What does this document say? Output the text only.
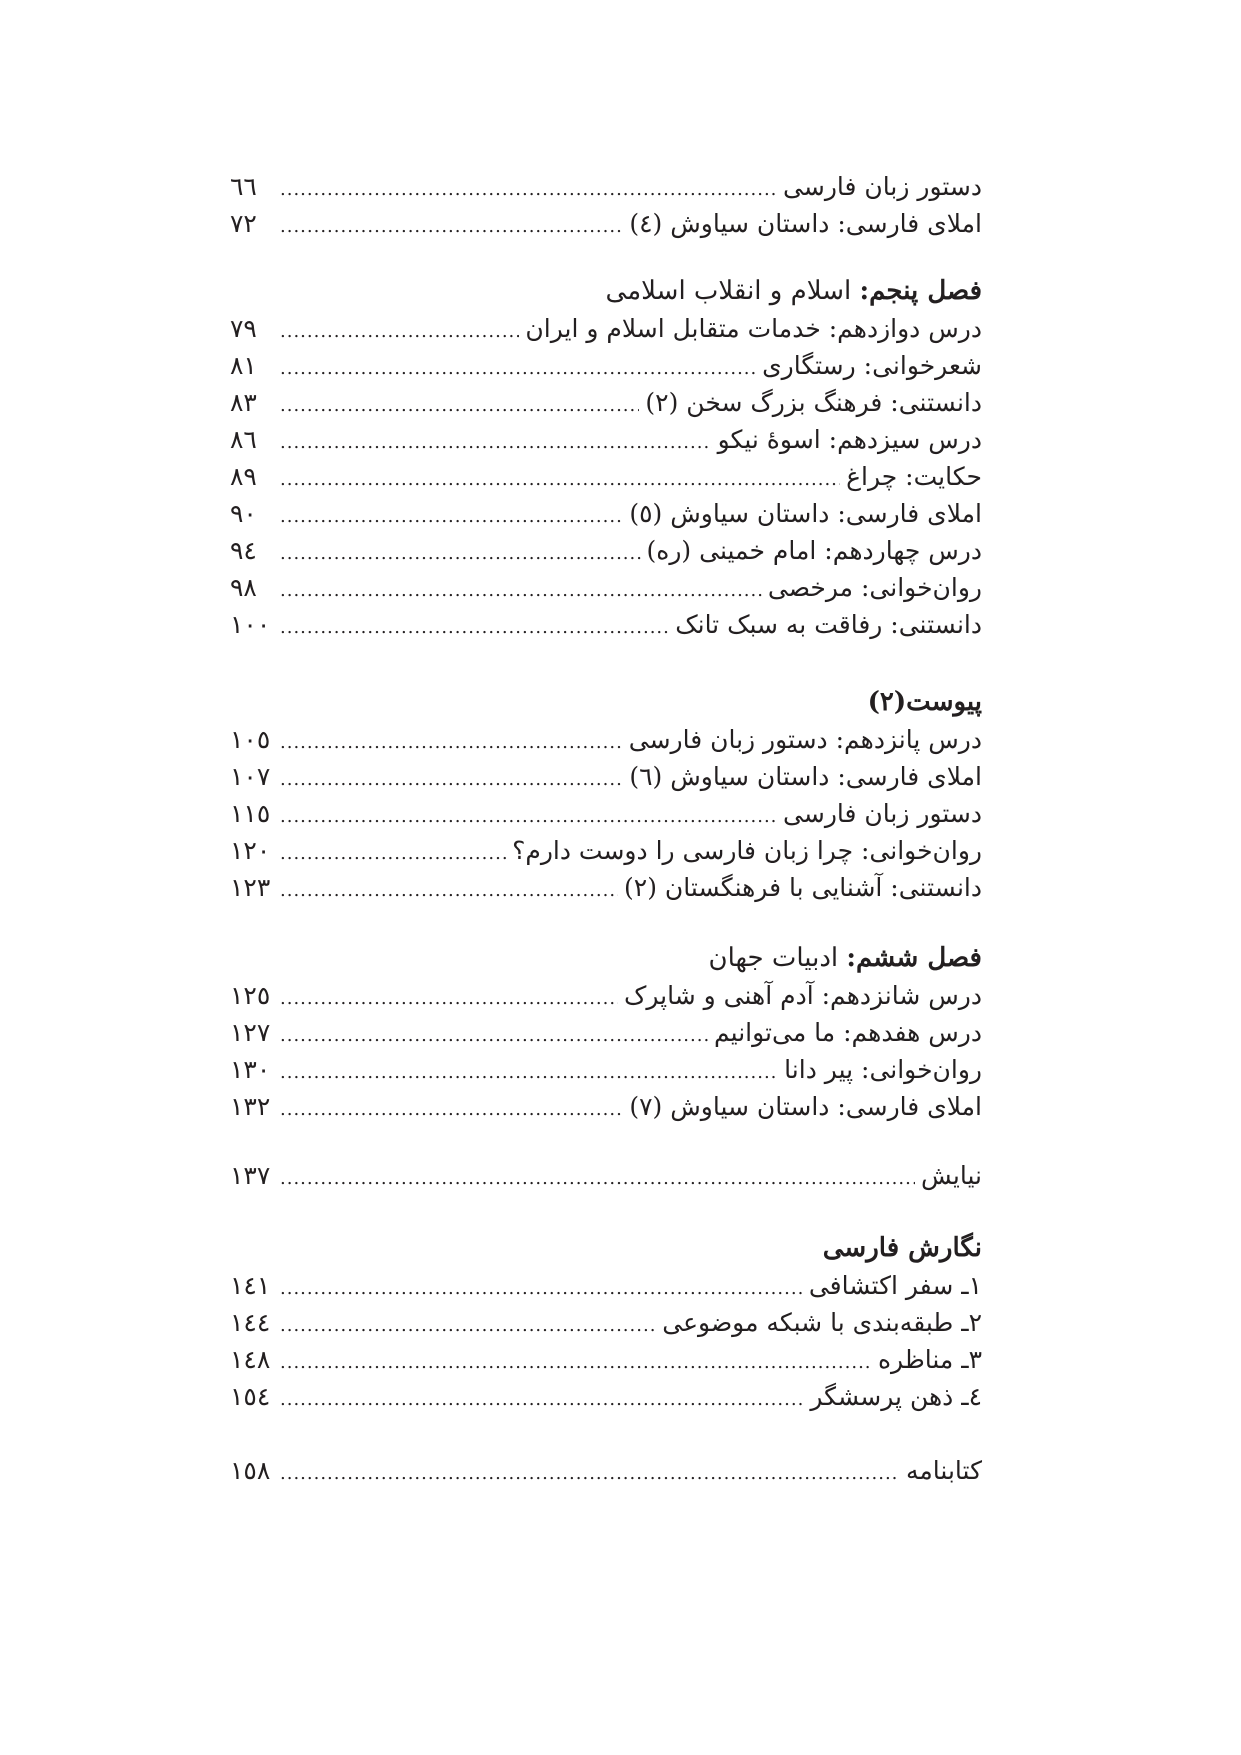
دستور زبان فارسی
.....
٦٦
املای فارسی: داستان سیاوش (٤)
.....
٧٢
فصل پنجم: اسلام و انقلاب اسلامی
درس دوازدهم: خدمات متقابل اسلام و ایران
.....
٧٩
شعرخوانی: رستگاری
.....
٨١
دانستنی: فرهنگ بزرگ سخن (٢)
.....
٨٣
درس سیزدهم: اسوۀ نیکو
.....
٨٦
حکایت: چراغ
.....
٨٩
املای فارسی: داستان سیاوش (٥)
.....
٩٠
درس چهاردهم: امام خمینی (ره)
.....
٩٤
روان‌خوانی: مرخصی
.....
٩٨
دانستنی: رفاقت به سبک تانک
.....
١٠٠
پیوست(٢)
درس پانزدهم: دستور زبان فارسی
.....
١٠٥
املای فارسی: داستان سیاوش (٦)
.....
١٠٧
دستور زبان فارسی
.....
١١٥
روان‌خوانی: چرا زبان فارسی را دوست دارم؟
.....
١٢٠
دانستنی: آشنایی با فرهنگستان (٢)
.....
١٢٣
فصل ششم: ادبیات جهان
درس شانزدهم: آدم آهنی و شاپرک
.....
١٢٥
درس هفدهم: ما می‌توانیم
.....
١٢٧
روان‌خوانی: پیر دانا
.....
١٣٠
املای فارسی: داستان سیاوش (٧)
.....
١٣٢
نیایش
.....
١٣٧
نگارش فارسی
١ـ سفر اکتشافی
.....
١٤١
٢ـ طبقه‌بندی با شبکه موضوعی
.....
١٤٤
٣ـ مناظره
.....
١٤٨
٤ـ ذهن پرسشگر
.....
١٥٤
کتابنامه
.....
١٥٨
